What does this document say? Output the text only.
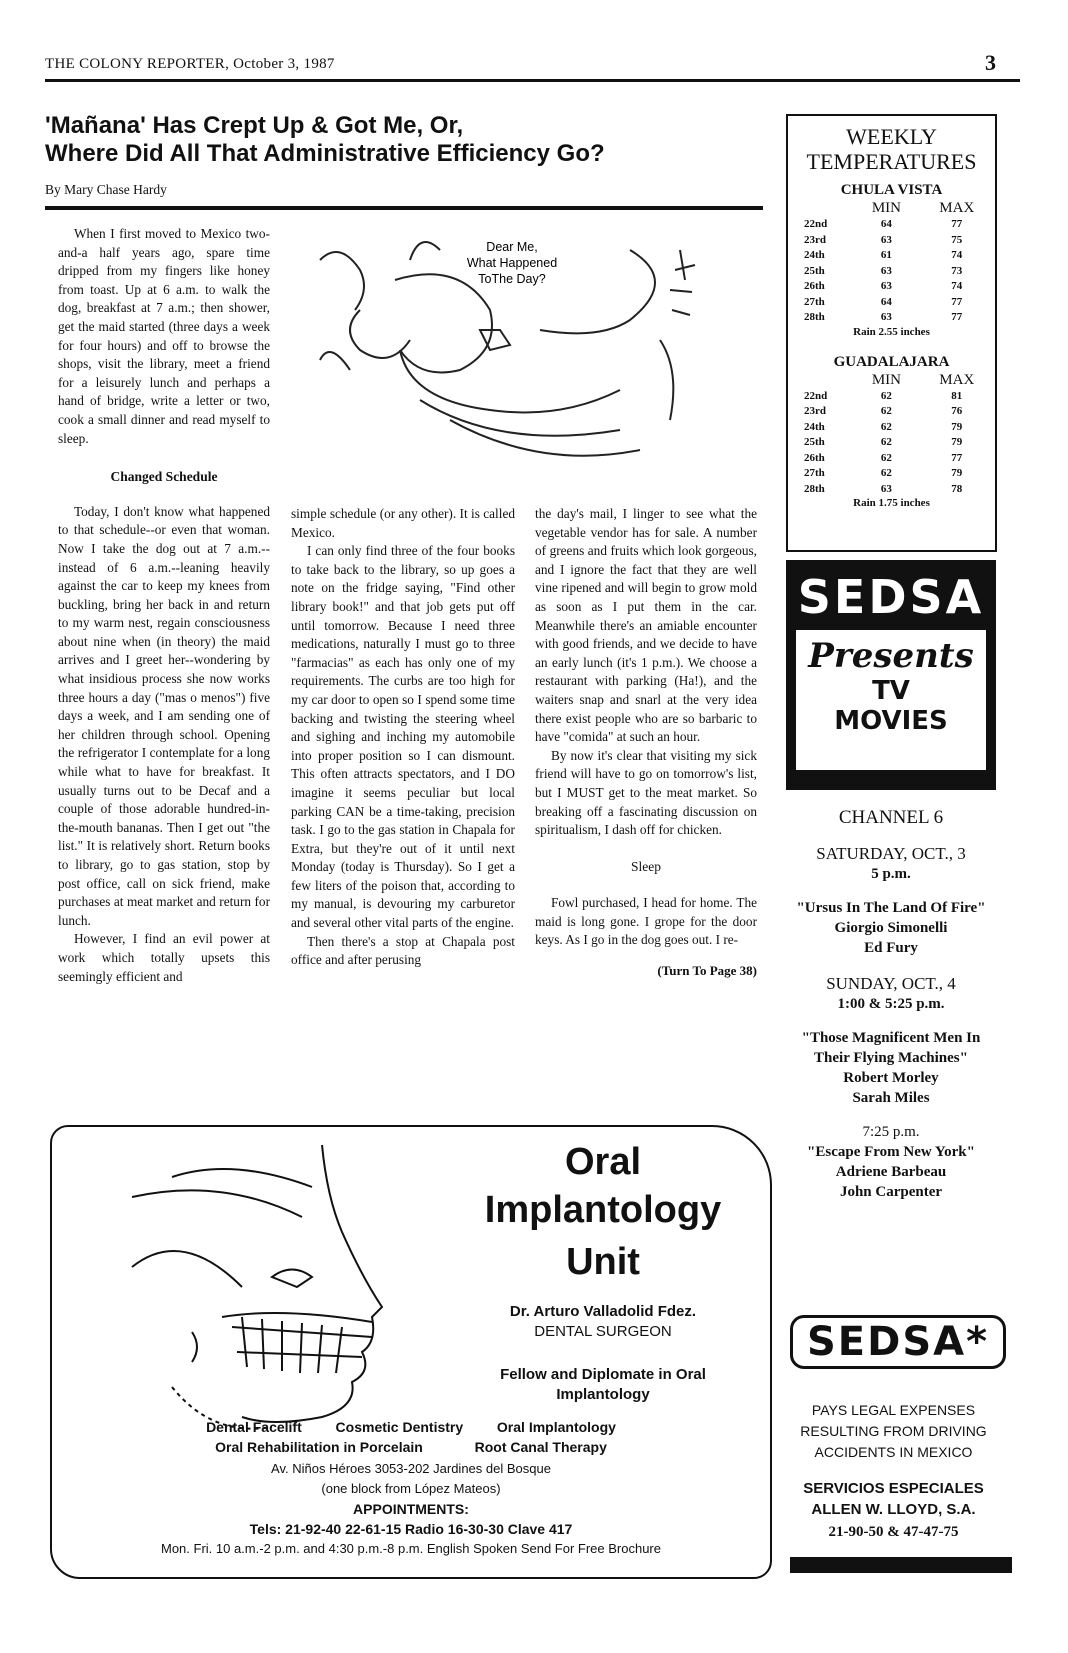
THE COLONY REPORTER, October 3, 1987	3
'Mañana' Has Crept Up & Got Me, Or,
Where Did All That Administrative Efficiency Go?
By Mary Chase Hardy

When I first moved to Mexico two-and-a half years ago, spare time dripped from my fingers like honey from toast. Up at 6 a.m. to walk the dog, breakfast at 7 a.m.; then shower, get the maid started (three days a week for four hours) and off to browse the shops, visit the library, meet a friend for a leisurely lunch and perhaps a hand of bridge, write a letter or two, cook a small dinner and read myself to sleep.

Changed Schedule

Today, I don't know what happened to that schedule--or even that woman. Now I take the dog out at 7 a.m.--instead of 6 a.m.--leaning heavily against the car to keep my knees from buckling, bring her back in and return to my warm nest, regain consciousness about nine when (in theory) the maid arrives and I greet her--wondering by what insidious process she now works three hours a day ("mas o menos") five days a week, and I am sending one of her children through school. Opening the refrigerator I contemplate for a long while what to have for breakfast. It usually turns out to be Decaf and a couple of those adorable hundred-in-the-mouth bananas. Then I get out "the list." It is relatively short. Return books to library, go to gas station, stop by post office, call on sick friend, make purchases at meat market and return for lunch.

However, I find an evil power at work which totally upsets this seemingly efficient and

Dear Me,
What Happened
ToThe Day?

simple schedule (or any other). It is called Mexico.

I can only find three of the four books to take back to the library, so up goes a note on the fridge saying, "Find other library book!" and that job gets put off until tomorrow. Because I need three medications, naturally I must go to three "farmacias" as each has only one of my requirements. The curbs are too high for my car door to open so I spend some time backing and twisting the steering wheel and sighing and inching my automobile into proper position so I can dismount. This often attracts spectators, and I DO imagine it seems peculiar but local parking CAN be a time-taking, precision task. I go to the gas station in Chapala for Extra, but they're out of it until next Monday (today is Thursday). So I get a few liters of the poison that, according to my manual, is devouring my carburetor and several other vital parts of the engine.

Then there's a stop at Chapala post office and after perusing

the day's mail, I linger to see what the vegetable vendor has for sale. A number of greens and fruits which look gorgeous, and I ignore the fact that they are well vine ripened and will begin to grow mold as soon as I put them in the car. Meanwhile there's an amiable encounter with good friends, and we decide to have an early lunch (it's 1 p.m.). We choose a restaurant with parking (Ha!), and the waiters snap and snarl at the very idea there exist people who are so barbaric to have "comida" at such an hour.

By now it's clear that visiting my sick friend will have to go on tomorrow's list, but I MUST get to the meat market. So breaking off a fascinating discussion on spiritualism, I dash off for chicken.

Sleep

Fowl purchased, I head for home. The maid is long gone. I grope for the door keys. As I go in the dog goes out. I re-

(Turn To Page 38)
WEEKLY
TEMPERATURES
CHULA VISTA
	MIN	MAX
22nd	64	77
23rd	63	75
24th	61	74
25th	63	73
26th	63	74
27th	64	77
28th	63	77
Rain 2.55 inches
GUADALAJARA
	MIN	MAX
22nd	62	81
23rd	62	76
24th	62	79
25th	62	79
26th	62	77
27th	62	79
28th	63	78
Rain 1.75 inches
SEDSA
Presents
TV
MOVIES
CHANNEL 6
SATURDAY, OCT., 3
5 p.m.
"Ursus In The Land Of Fire"
Giorgio Simonelli
Ed Fury
SUNDAY, OCT., 4
1:00 & 5:25 p.m.
"Those Magnificent Men In Their Flying Machines"
Robert Morley
Sarah Miles
7:25 p.m.
"Escape From New York"
Adriene Barbeau
John Carpenter
Oral
Implantology
Unit
Dr. Arturo Valladolid Fdez.
DENTAL SURGEON
Fellow and Diplomate in Oral
Implantology
Dental Facelift Cosmetic Dentistry Oral Implantology
Oral Rehabilitation in Porcelain	Root Canal Therapy
Av. Niños Héroes 3053-202 Jardines del Bosque
(one block from López Mateos)
APPOINTMENTS:
Tels: 21-92-40 22-61-15 Radio 16-30-30 Clave 417
Mon. Fri. 10 a.m.-2 p.m. and 4:30 p.m.-8 p.m. English Spoken Send For Free Brochure
SEDSA*
PAYS LEGAL EXPENSES RESULTING FROM DRIVING ACCIDENTS IN MEXICO
SERVICIOS ESPECIALES
ALLEN W. LLOYD, S.A.
21-90-50 & 47-47-75
